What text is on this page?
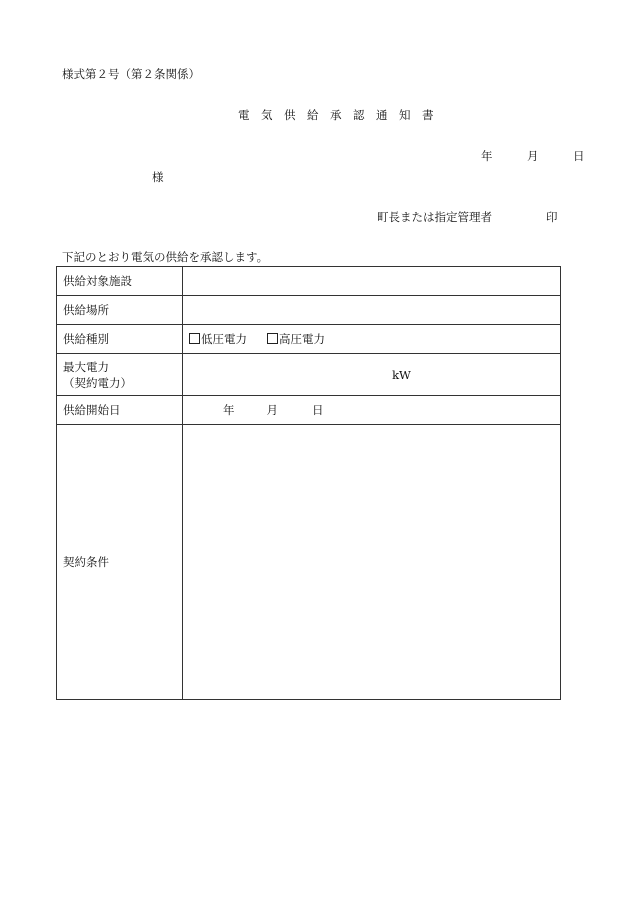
様式第２号（第２条関係）
電 気 供 給 承 認 通 知 書
年	月	日
様
町長または指定管理者	印
下記のとおり電気の供給を承認します。
供給対象施設	
供給場所	
供給種別	低圧電力 高圧電力

最大電力
（契約電力）	kW

供給開始日	年 月 日
契約条件	
